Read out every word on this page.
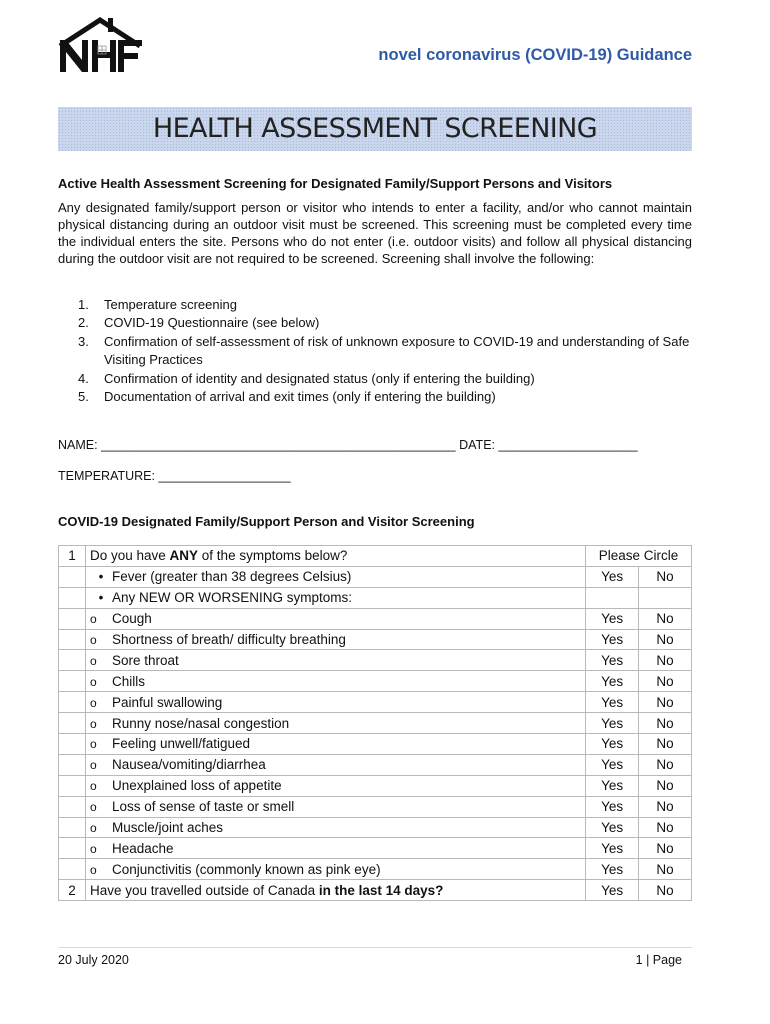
novel coronavirus (COVID-19) Guidance
HEALTH ASSESSMENT SCREENING
Active Health Assessment Screening for Designated Family/Support Persons and Visitors
Any designated family/support person or visitor who intends to enter a facility, and/or who cannot maintain physical distancing during an outdoor visit must be screened. This screening must be completed every time the individual enters the site. Persons who do not enter (i.e. outdoor visits) and follow all physical distancing during the outdoor visit are not required to be screened. Screening shall involve the following:
1. Temperature screening
2. COVID-19 Questionnaire (see below)
3. Confirmation of self-assessment of risk of unknown exposure to COVID-19 and understanding of Safe Visiting Practices
4. Confirmation of identity and designated status (only if entering the building)
5. Documentation of arrival and exit times (only if entering the building)
NAME: ___________________________________________________ DATE: ____________________
TEMPERATURE: ___________________
COVID-19 Designated Family/Support Person and Visitor Screening
1	Do you have ANY of the symptoms below?	Please Circle	
	• Fever (greater than 38 degrees Celsius)	Yes	No
	• Any NEW OR WORSENING symptoms:		
	o Cough	Yes	No
	o Shortness of breath/ difficulty breathing	Yes	No
	o Sore throat	Yes	No
	o Chills	Yes	No
	o Painful swallowing	Yes	No
	o Runny nose/nasal congestion	Yes	No
	o Feeling unwell/fatigued	Yes	No
	o Nausea/vomiting/diarrhea	Yes	No
	o Unexplained loss of appetite	Yes	No
	o Loss of sense of taste or smell	Yes	No
	o Muscle/joint aches	Yes	No
	o Headache	Yes	No
	o Conjunctivitis (commonly known as pink eye)	Yes	No
2	Have you travelled outside of Canada in the last 14 days?	Yes	No
20 July 2020	1 | Page
